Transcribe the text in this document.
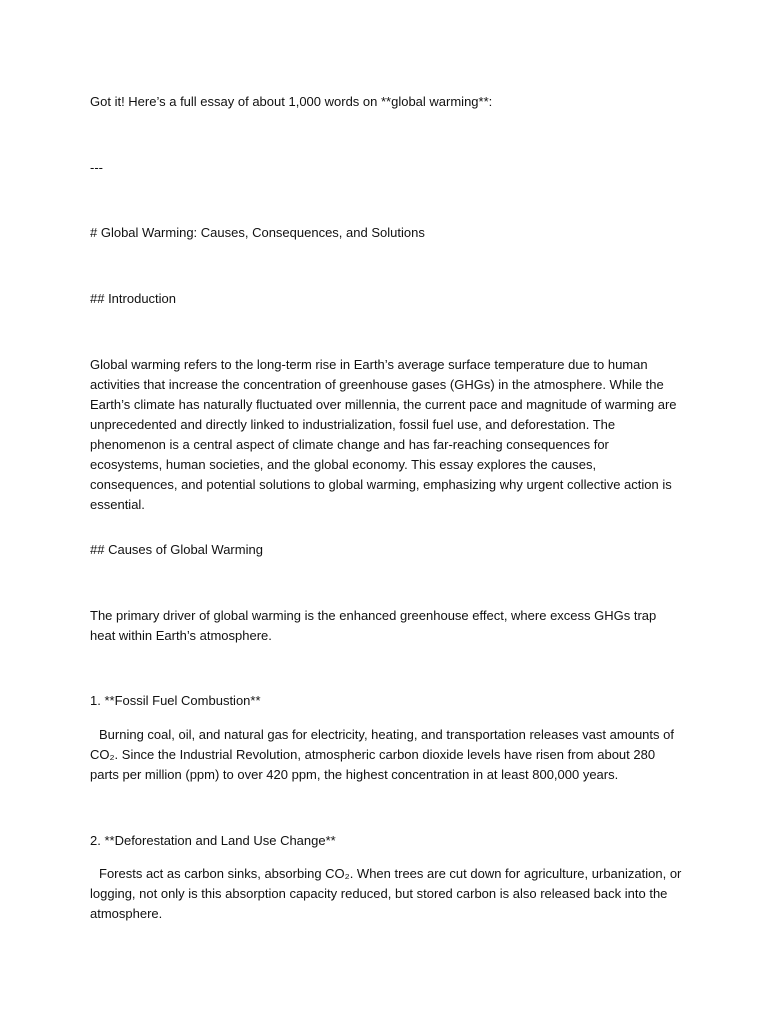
Got it! Here’s a full essay of about 1,000 words on **global warming**:

---

# Global Warming: Causes, Consequences, and Solutions

## Introduction

Global warming refers to the long-term rise in Earth’s average surface temperature due to human activities that increase the concentration of greenhouse gases (GHGs) in the atmosphere. While the Earth’s climate has naturally fluctuated over millennia, the current pace and magnitude of warming are unprecedented and directly linked to industrialization, fossil fuel use, and deforestation. The phenomenon is a central aspect of climate change and has far-reaching consequences for ecosystems, human societies, and the global economy. This essay explores the causes, consequences, and potential solutions to global warming, emphasizing why urgent collective action is essential.

## Causes of Global Warming

The primary driver of global warming is the enhanced greenhouse effect, where excess GHGs trap heat within Earth’s atmosphere.

1. **Fossil Fuel Combustion**

Burning coal, oil, and natural gas for electricity, heating, and transportation releases vast amounts of CO₂. Since the Industrial Revolution, atmospheric carbon dioxide levels have risen from about 280 parts per million (ppm) to over 420 ppm, the highest concentration in at least 800,000 years.

2. **Deforestation and Land Use Change**

Forests act as carbon sinks, absorbing CO₂. When trees are cut down for agriculture, urbanization, or logging, not only is this absorption capacity reduced, but stored carbon is also released back into the atmosphere.
